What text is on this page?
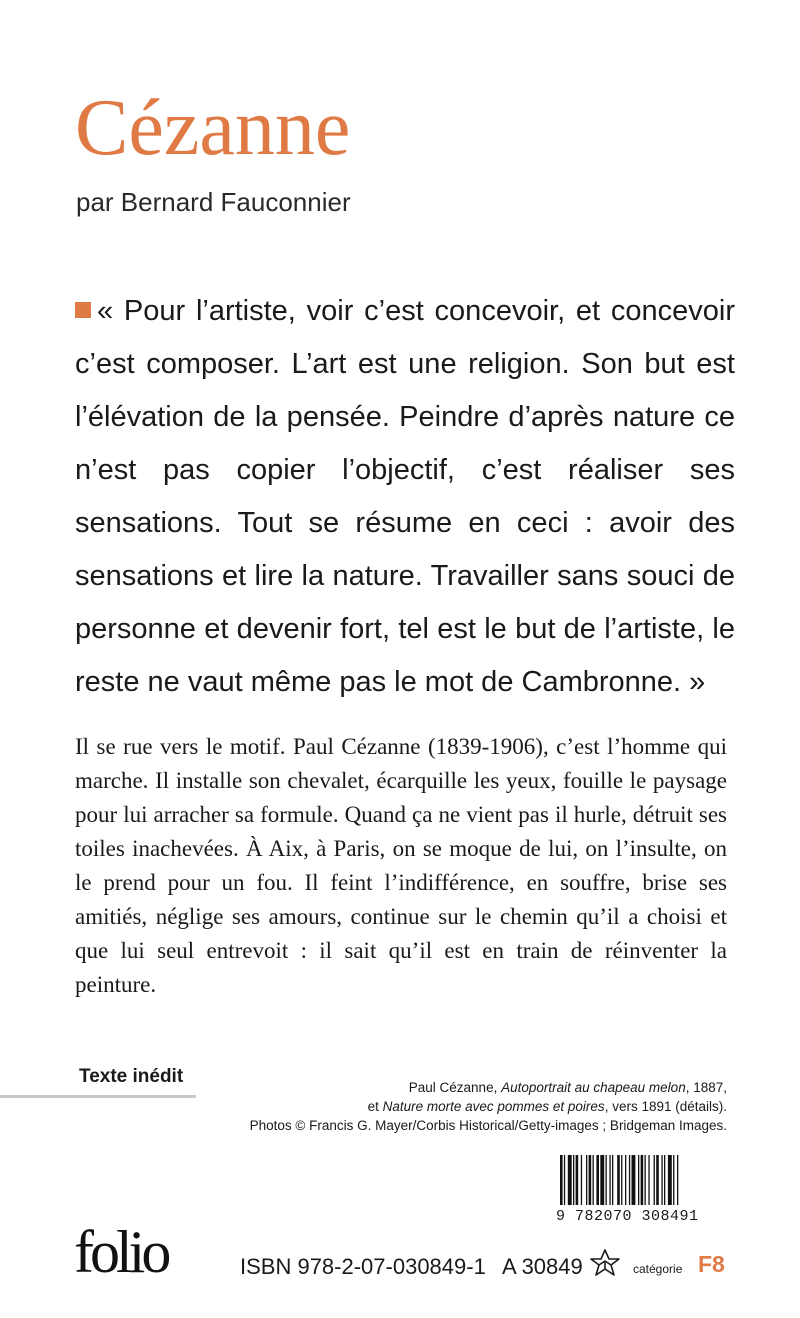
Cézanne
par Bernard Fauconnier

« Pour l’artiste, voir c’est concevoir, et concevoir c’est composer. L’art est une religion. Son but est l’élévation de la pensée. Peindre d’après nature ce n’est pas copier l’objectif, c’est réaliser ses sensations. Tout se résume en ceci : avoir des sensations et lire la nature. Travailler sans souci de personne et devenir fort, tel est le but de l’artiste, le reste ne vaut même pas le mot de Cambronne. »

Il se rue vers le motif. Paul Cézanne (1839-1906), c’est l’homme qui marche. Il installe son chevalet, écarquille les yeux, fouille le paysage pour lui arracher sa formule. Quand ça ne vient pas il hurle, détruit ses toiles inachevées. À Aix, à Paris, on se moque de lui, on l’insulte, on le prend pour un fou. Il feint l’indifférence, en souffre, brise ses amitiés, néglige ses amours, continue sur le chemin qu’il a choisi et que lui seul entrevoit : il sait qu’il est en train de réinventer la peinture.

Texte inédit
Paul Cézanne, Autoportrait au chapeau melon, 1887,
et Nature morte avec pommes et poires, vers 1891 (détails).
Photos © Francis G. Mayer/Corbis Historical/Getty-images ; Bridgeman Images.
9 782070 308491
folio	ISBN 978-2-07-030849-1 A 30849	catégorie F8
